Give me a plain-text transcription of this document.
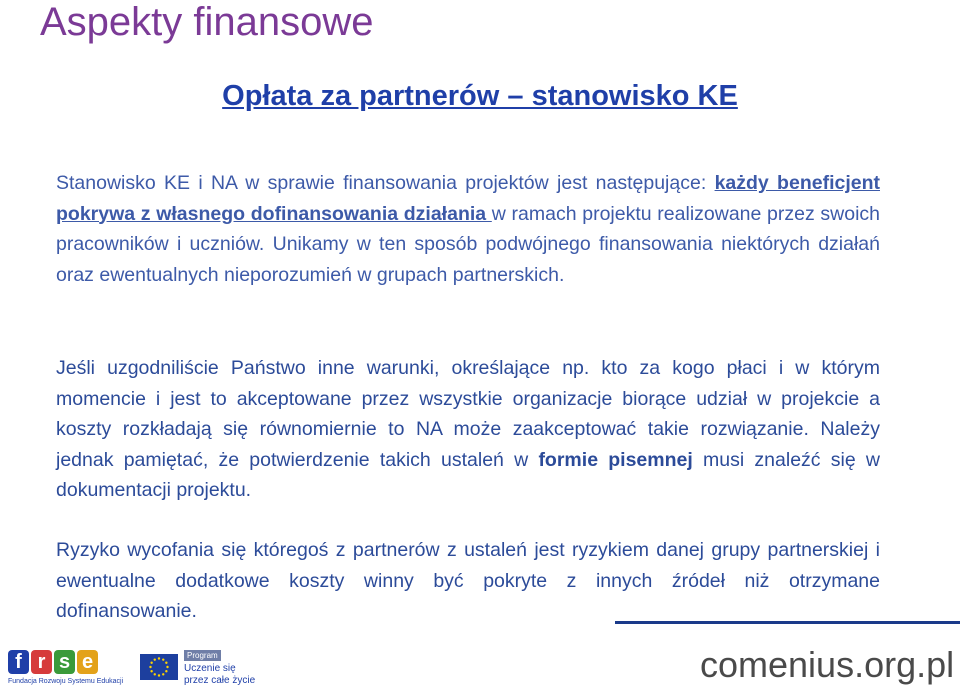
Aspekty finansowe
Opłata za partnerów – stanowisko KE

Stanowisko KE i NA w sprawie finansowania projektów jest następujące: każdy beneficjent pokrywa z własnego dofinansowania działania w ramach projektu realizowane przez swoich pracowników i uczniów. Unikamy w ten sposób podwójnego finansowania niektórych działań oraz ewentualnych nieporozumień w grupach partnerskich.

Jeśli uzgodniliście Państwo inne warunki, określające np. kto za kogo płaci i w którym momencie i jest to akceptowane przez wszystkie organizacje biorące udział w projekcie a koszty rozkładają się równomiernie to NA może zaakceptować takie rozwiązanie. Należy jednak pamiętać, że potwierdzenie takich ustaleń w formie pisemnej musi znaleźć się w dokumentacji projektu.

Ryzyko wycofania się któregoś z partnerów z ustaleń jest ryzykiem danej grupy partnerskiej i ewentualne dodatkowe koszty winny być pokryte z innych źródeł niż otrzymane dofinansowanie.

f r s e
Fundacja Rozwoju Systemu Edukacji
Program
Uczenie się
przez całe życie	comenius.org.pl
